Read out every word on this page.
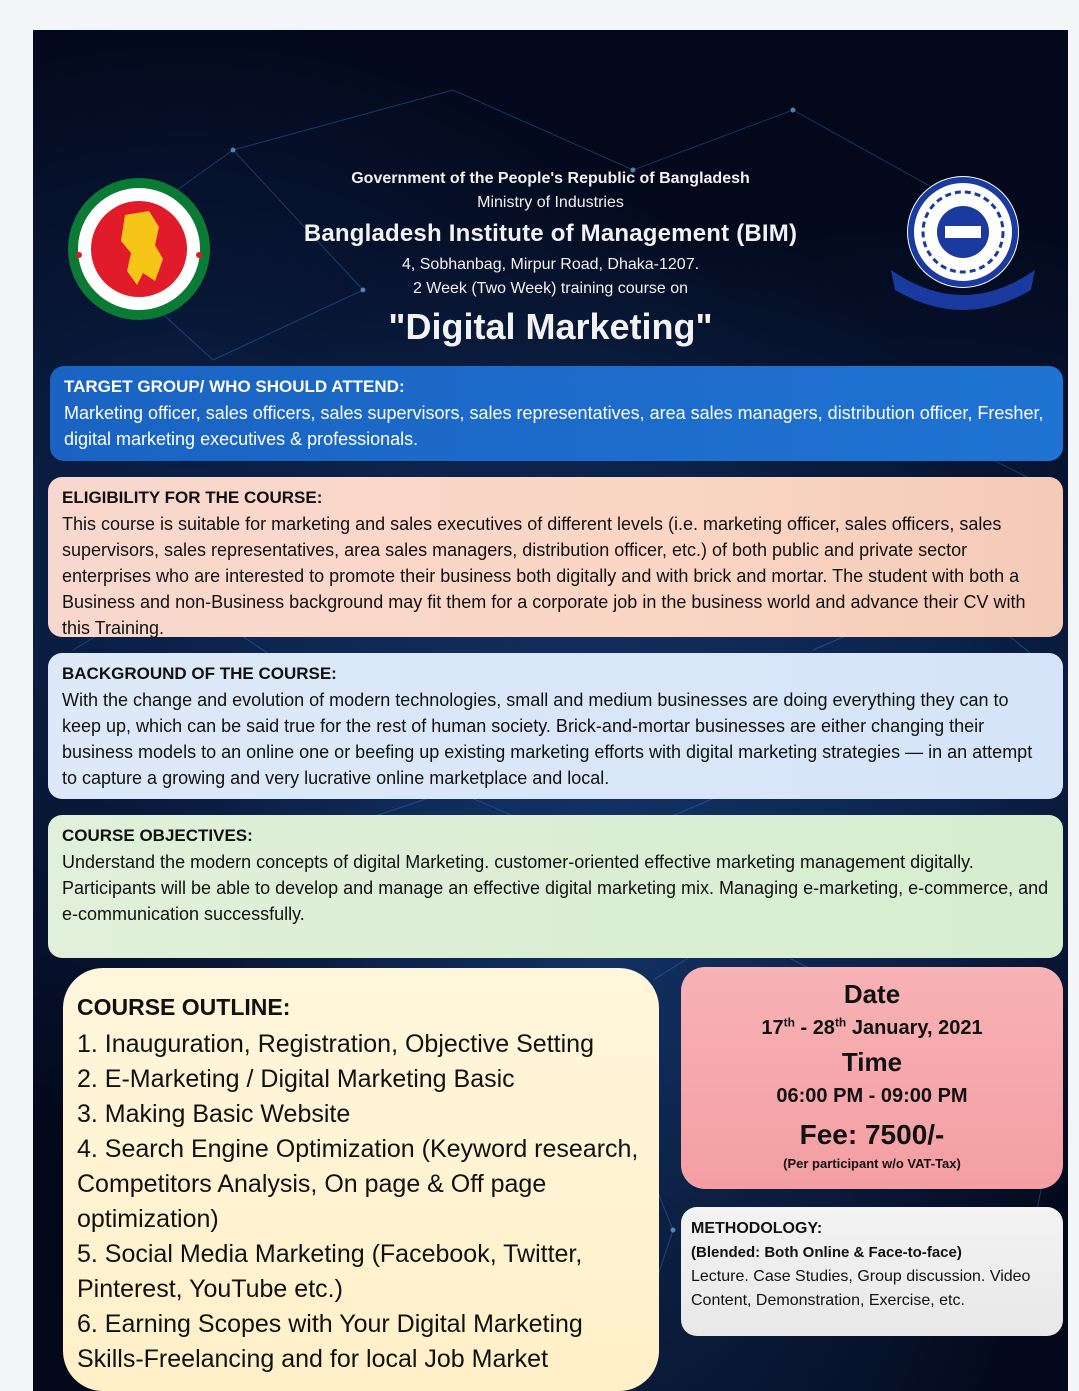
Government of the People's Republic of Bangladesh
Ministry of Industries
Bangladesh Institute of Management (BIM)
4, Sobhanbag, Mirpur Road, Dhaka-1207.
2 Week (Two Week) training course on
"Digital Marketing"
TARGET GROUP/ WHO SHOULD ATTEND:

Marketing officer, sales officers, sales supervisors, sales representatives, area sales managers, distribution officer, Fresher, digital marketing executives & professionals.

ELIGIBILITY FOR THE COURSE:

This course is suitable for marketing and sales executives of different levels (i.e. marketing officer, sales officers, sales supervisors, sales representatives, area sales managers, distribution officer, etc.) of both public and private sector enterprises who are interested to promote their business both digitally and with brick and mortar. The student with both a Business and non-Business background may fit them for a corporate job in the business world and advance their CV with this Training.

BACKGROUND OF THE COURSE:

With the change and evolution of modern technologies, small and medium businesses are doing everything they can to keep up, which can be said true for the rest of human society. Brick-and-mortar businesses are either changing their business models to an online one or beefing up existing marketing efforts with digital marketing strategies — in an attempt to capture a growing and very lucrative online marketplace and local.

COURSE OBJECTIVES:

Understand the modern concepts of digital Marketing. customer-oriented effective marketing management digitally. Participants will be able to develop and manage an effective digital marketing mix. Managing e-marketing, e-commerce, and e-communication successfully.

COURSE OUTLINE:

1. Inauguration, Registration, Objective Setting

2. E-Marketing / Digital Marketing Basic

3. Making Basic Website

4. Search Engine Optimization (Keyword research, Competitors Analysis, On page & Off page optimization)

5. Social Media Marketing (Facebook, Twitter, Pinterest, YouTube etc.)

6. Earning Scopes with Your Digital Marketing Skills-Freelancing and for local Job Market

Date
17th - 28th January, 2021
Time
06:00 PM - 09:00 PM
Fee: 7500/-
(Per participant w/o VAT-Tax)
METHODOLOGY:
(Blended: Both Online & Face-to-face)

Lecture. Case Studies, Group discussion. Video Content, Demonstration, Exercise, etc.
